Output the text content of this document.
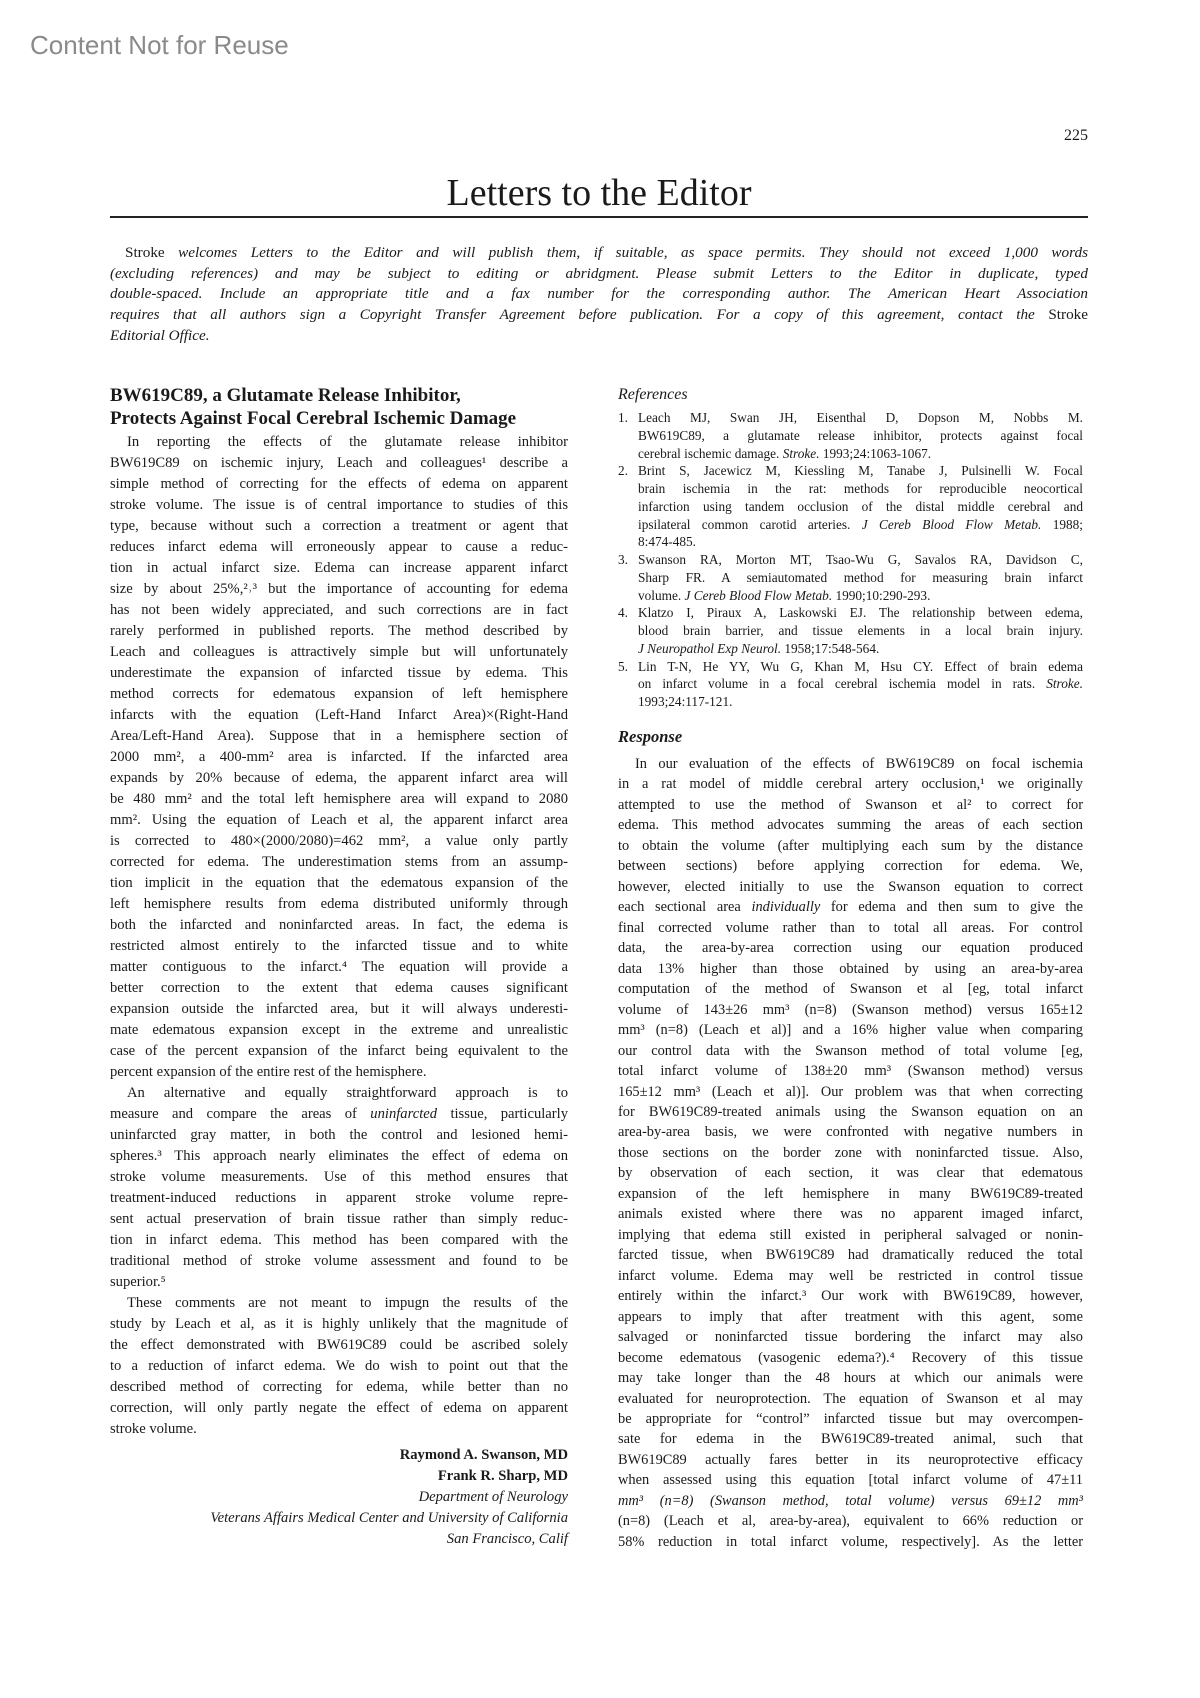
Content Not for Reuse
225
Letters to the Editor
Stroke welcomes Letters to the Editor and will publish them, if suitable, as space permits. They should not exceed 1,000 words
(excluding references) and may be subject to editing or abridgment. Please submit Letters to the Editor in duplicate, typed
double-spaced. Include an appropriate title and a fax number for the corresponding author. The American Heart Association
requires that all authors sign a Copyright Transfer Agreement before publication. For a copy of this agreement, contact the Stroke
Editorial Office.
BW619C89, a Glutamate Release Inhibitor,
Protects Against Focal Cerebral Ischemic Damage
In reporting the effects of the glutamate release inhibitor
BW619C89 on ischemic injury, Leach and colleagues¹ describe a
simple method of correcting for the effects of edema on apparent
stroke volume. The issue is of central importance to studies of this
type, because without such a correction a treatment or agent that
reduces infarct edema will erroneously appear to cause a reduc-
tion in actual infarct size. Edema can increase apparent infarct
size by about 25%,²˒³ but the importance of accounting for edema
has not been widely appreciated, and such corrections are in fact
rarely performed in published reports. The method described by
Leach and colleagues is attractively simple but will unfortunately
underestimate the expansion of infarcted tissue by edema. This
method corrects for edematous expansion of left hemisphere
infarcts with the equation (Left-Hand Infarct Area)×(Right-Hand
Area/Left-Hand Area). Suppose that in a hemisphere section of
2000 mm², a 400-mm² area is infarcted. If the infarcted area
expands by 20% because of edema, the apparent infarct area will
be 480 mm² and the total left hemisphere area will expand to 2080
mm². Using the equation of Leach et al, the apparent infarct area
is corrected to 480×(2000/2080)=462 mm², a value only partly
corrected for edema. The underestimation stems from an assump-
tion implicit in the equation that the edematous expansion of the
left hemisphere results from edema distributed uniformly through
both the infarcted and noninfarcted areas. In fact, the edema is
restricted almost entirely to the infarcted tissue and to white
matter contiguous to the infarct.⁴ The equation will provide a
better correction to the extent that edema causes significant
expansion outside the infarcted area, but it will always underesti-
mate edematous expansion except in the extreme and unrealistic
case of the percent expansion of the infarct being equivalent to the
percent expansion of the entire rest of the hemisphere.
An alternative and equally straightforward approach is to
measure and compare the areas of uninfarcted tissue, particularly
uninfarcted gray matter, in both the control and lesioned hemi-
spheres.³ This approach nearly eliminates the effect of edema on
stroke volume measurements. Use of this method ensures that
treatment-induced reductions in apparent stroke volume repre-
sent actual preservation of brain tissue rather than simply reduc-
tion in infarct edema. This method has been compared with the
traditional method of stroke volume assessment and found to be
superior.⁵
These comments are not meant to impugn the results of the
study by Leach et al, as it is highly unlikely that the magnitude of
the effect demonstrated with BW619C89 could be ascribed solely
to a reduction of infarct edema. We do wish to point out that the
described method of correcting for edema, while better than no
correction, will only partly negate the effect of edema on apparent
stroke volume.
Raymond A. Swanson, MD
Frank R. Sharp, MD
Department of Neurology
Veterans Affairs Medical Center and University of California
San Francisco, Calif
References
1. Leach MJ, Swan JH, Eisenthal D, Dopson M, Nobbs M.
BW619C89, a glutamate release inhibitor, protects against focal
cerebral ischemic damage. Stroke. 1993;24:1063-1067.
2. Brint S, Jacewicz M, Kiessling M, Tanabe J, Pulsinelli W. Focal
brain ischemia in the rat: methods for reproducible neocortical
infarction using tandem occlusion of the distal middle cerebral and
ipsilateral common carotid arteries. J Cereb Blood Flow Metab. 1988;
8:474-485.
3. Swanson RA, Morton MT, Tsao-Wu G, Savalos RA, Davidson C,
Sharp FR. A semiautomated method for measuring brain infarct
volume. J Cereb Blood Flow Metab. 1990;10:290-293.
4. Klatzo I, Piraux A, Laskowski EJ. The relationship between edema,
blood brain barrier, and tissue elements in a local brain injury.
J Neuropathol Exp Neurol. 1958;17:548-564.
5. Lin T-N, He YY, Wu G, Khan M, Hsu CY. Effect of brain edema
on infarct volume in a focal cerebral ischemia model in rats. Stroke.
1993;24:117-121.
Response
In our evaluation of the effects of BW619C89 on focal ischemia
in a rat model of middle cerebral artery occlusion,¹ we originally
attempted to use the method of Swanson et al² to correct for
edema. This method advocates summing the areas of each section
to obtain the volume (after multiplying each sum by the distance
between sections) before applying correction for edema. We,
however, elected initially to use the Swanson equation to correct
each sectional area individually for edema and then sum to give the
final corrected volume rather than to total all areas. For control
data, the area-by-area correction using our equation produced
data 13% higher than those obtained by using an area-by-area
computation of the method of Swanson et al [eg, total infarct
volume of 143±26 mm³ (n=8) (Swanson method) versus 165±12
mm³ (n=8) (Leach et al)] and a 16% higher value when comparing
our control data with the Swanson method of total volume [eg,
total infarct volume of 138±20 mm³ (Swanson method) versus
165±12 mm³ (Leach et al)]. Our problem was that when correcting
for BW619C89-treated animals using the Swanson equation on an
area-by-area basis, we were confronted with negative numbers in
those sections on the border zone with noninfarcted tissue. Also,
by observation of each section, it was clear that edematous
expansion of the left hemisphere in many BW619C89-treated
animals existed where there was no apparent imaged infarct,
implying that edema still existed in peripheral salvaged or nonin-
farcted tissue, when BW619C89 had dramatically reduced the total
infarct volume. Edema may well be restricted in control tissue
entirely within the infarct.³ Our work with BW619C89, however,
appears to imply that after treatment with this agent, some
salvaged or noninfarcted tissue bordering the infarct may also
become edematous (vasogenic edema?).⁴ Recovery of this tissue
may take longer than the 48 hours at which our animals were
evaluated for neuroprotection. The equation of Swanson et al may
be appropriate for “control” infarcted tissue but may overcompen-
sate for edema in the BW619C89-treated animal, such that
BW619C89 actually fares better in its neuroprotective efficacy
when assessed using this equation [total infarct volume of 47±11
mm³ (n=8) (Swanson method, total volume) versus 69±12 mm³
(n=8) (Leach et al, area-by-area), equivalent to 66% reduction or
58% reduction in total infarct volume, respectively]. As the letter
